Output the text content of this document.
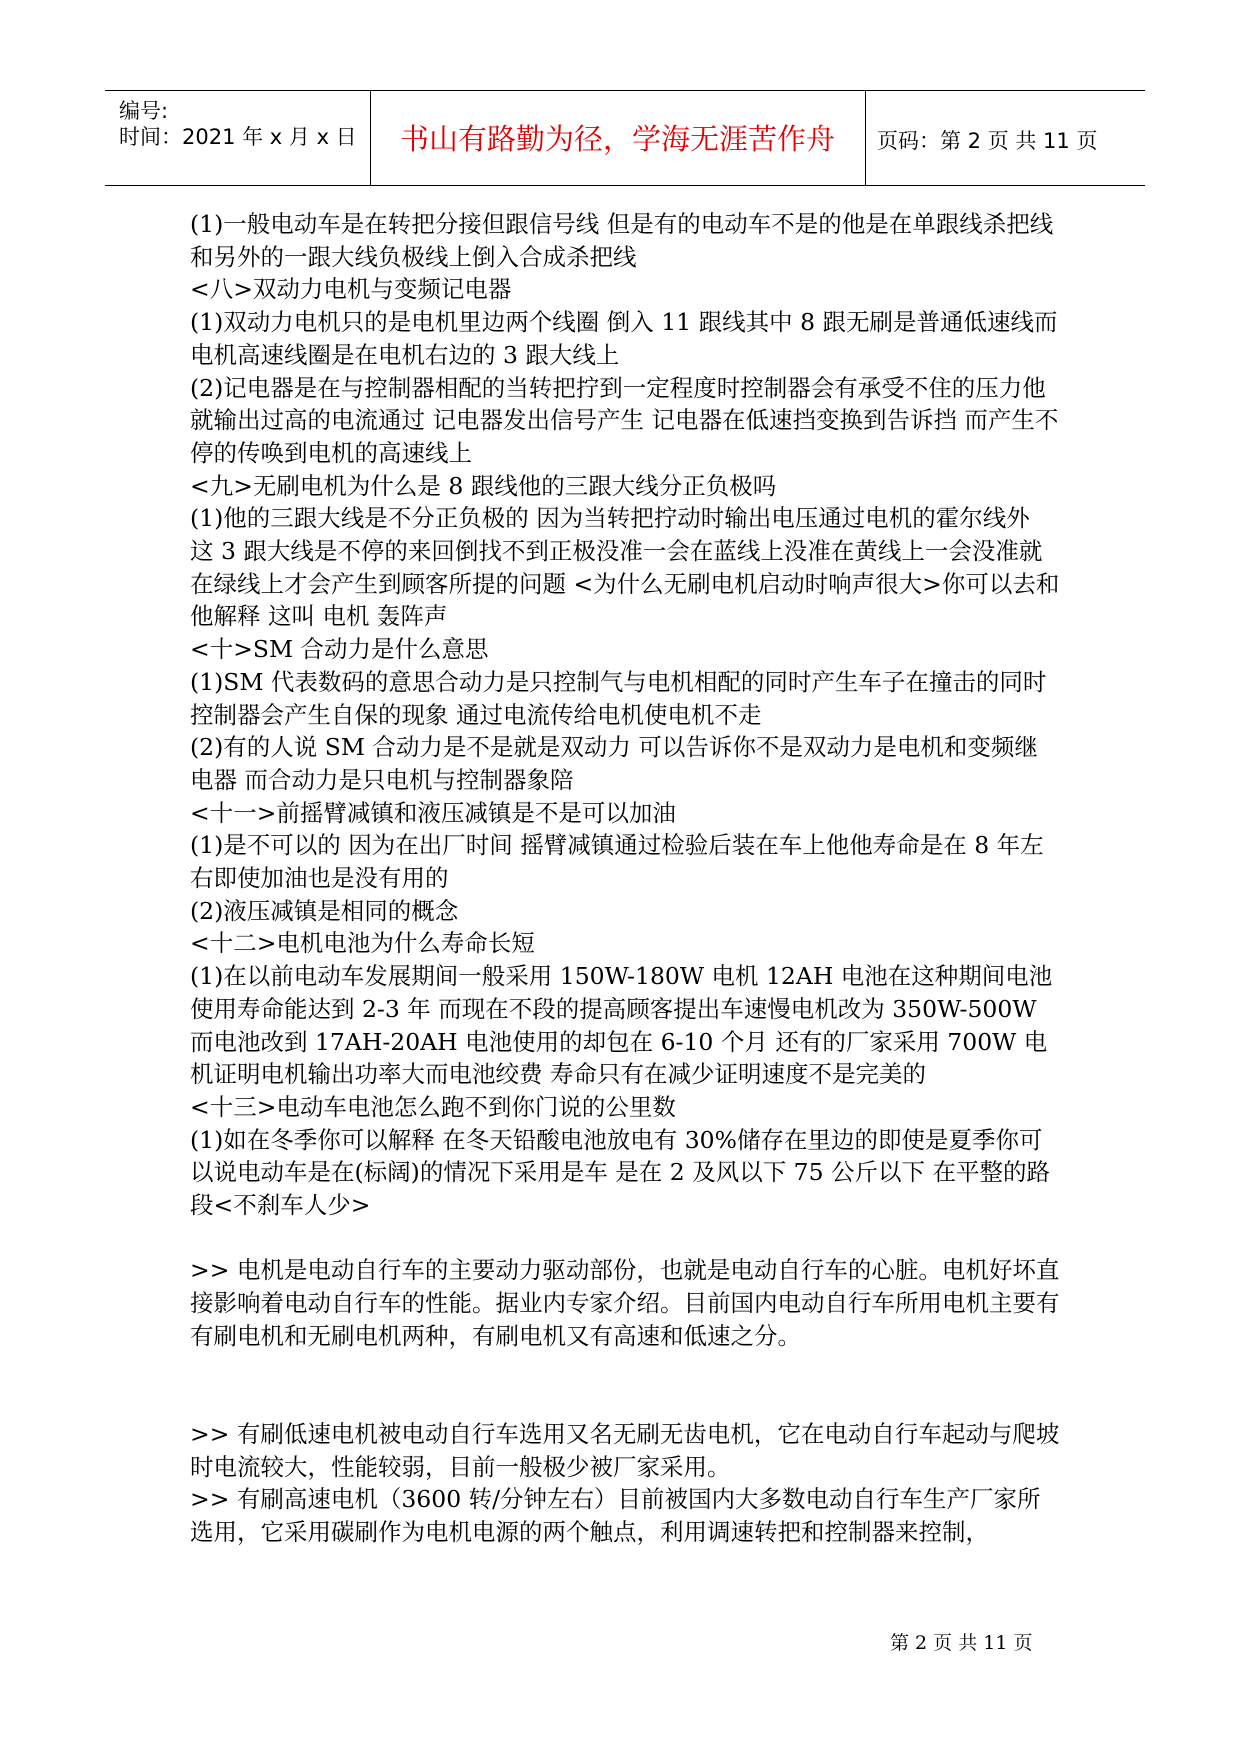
编号:
时间：2021 年 x 月 x 日	书山有路勤为径，学海无涯苦作舟	页码：第 2 页 共 11 页

(1)一般电动车是在转把分接但跟信号线 但是有的电动车不是的他是在单跟线杀把线 和另外的一跟大线负极线上倒入合成杀把线

<八>双动力电机与变频记电器

(1)双动力电机只的是电机里边两个线圈 倒入 11 跟线其中 8 跟无刷是普通低速线而电机高速线圈是在电机右边的 3 跟大线上

(2)记电器是在与控制器相配的当转把拧到一定程度时控制器会有承受不住的压力他就输出过高的电流通过 记电器发出信号产生 记电器在低速挡变换到告诉挡 而产生不停的传唤到电机的高速线上

<九>无刷电机为什么是 8 跟线他的三跟大线分正负极吗

(1)他的三跟大线是不分正负极的 因为当转把拧动时输出电压通过电机的霍尔线外 这 3 跟大线是不停的来回倒找不到正极没准一会在蓝线上没准在黄线上一会没准就在绿线上才会产生到顾客所提的问题 <为什么无刷电机启动时响声很大>你可以去和他解释 这叫 电机 轰阵声

<十>SM 合动力是什么意思

(1)SM 代表数码的意思合动力是只控制气与电机相配的同时产生车子在撞击的同时控制器会产生自保的现象 通过电流传给电机使电机不走

(2)有的人说 SM 合动力是不是就是双动力 可以告诉你不是双动力是电机和变频继电器 而合动力是只电机与控制器象陪

<十一>前摇臂减镇和液压减镇是不是可以加油

(1)是不可以的 因为在出厂时间 摇臂减镇通过检验后装在车上他他寿命是在 8 年左右即使加油也是没有用的

(2)液压减镇是相同的概念

<十二>电机电池为什么寿命长短

(1)在以前电动车发展期间一般采用 150W-180W 电机 12AH 电池在这种期间电池使用寿命能达到 2-3 年 而现在不段的提高顾客提出车速慢电机改为 350W-500W 而电池改到 17AH-20AH 电池使用的却包在 6-10 个月 还有的厂家采用 700W 电机证明电机输出功率大而电池绞费 寿命只有在减少证明速度不是完美的

<十三>电动车电池怎么跑不到你门说的公里数

(1)如在冬季你可以解释 在冬天铅酸电池放电有 30%储存在里边的即使是夏季你可以说电动车是在(标阔)的情况下采用是车 是在 2 及风以下 75 公斤以下 在平整的路段<不刹车人少>

>> 电机是电动自行车的主要动力驱动部份，也就是电动自行车的心脏。电机好坏直接影响着电动自行车的性能。据业内专家介绍。目前国内电动自行车所用电机主要有有刷电机和无刷电机两种，有刷电机又有高速和低速之分。

>> 有刷低速电机被电动自行车选用又名无刷无齿电机，它在电动自行车起动与爬坡时电流较大，性能较弱，目前一般极少被厂家采用。

>> 有刷高速电机（3600 转/分钟左右）目前被国内大多数电动自行车生产厂家所选用，它采用碳刷作为电机电源的两个触点，利用调速转把和控制器来控制，

第 2 页 共 11 页
